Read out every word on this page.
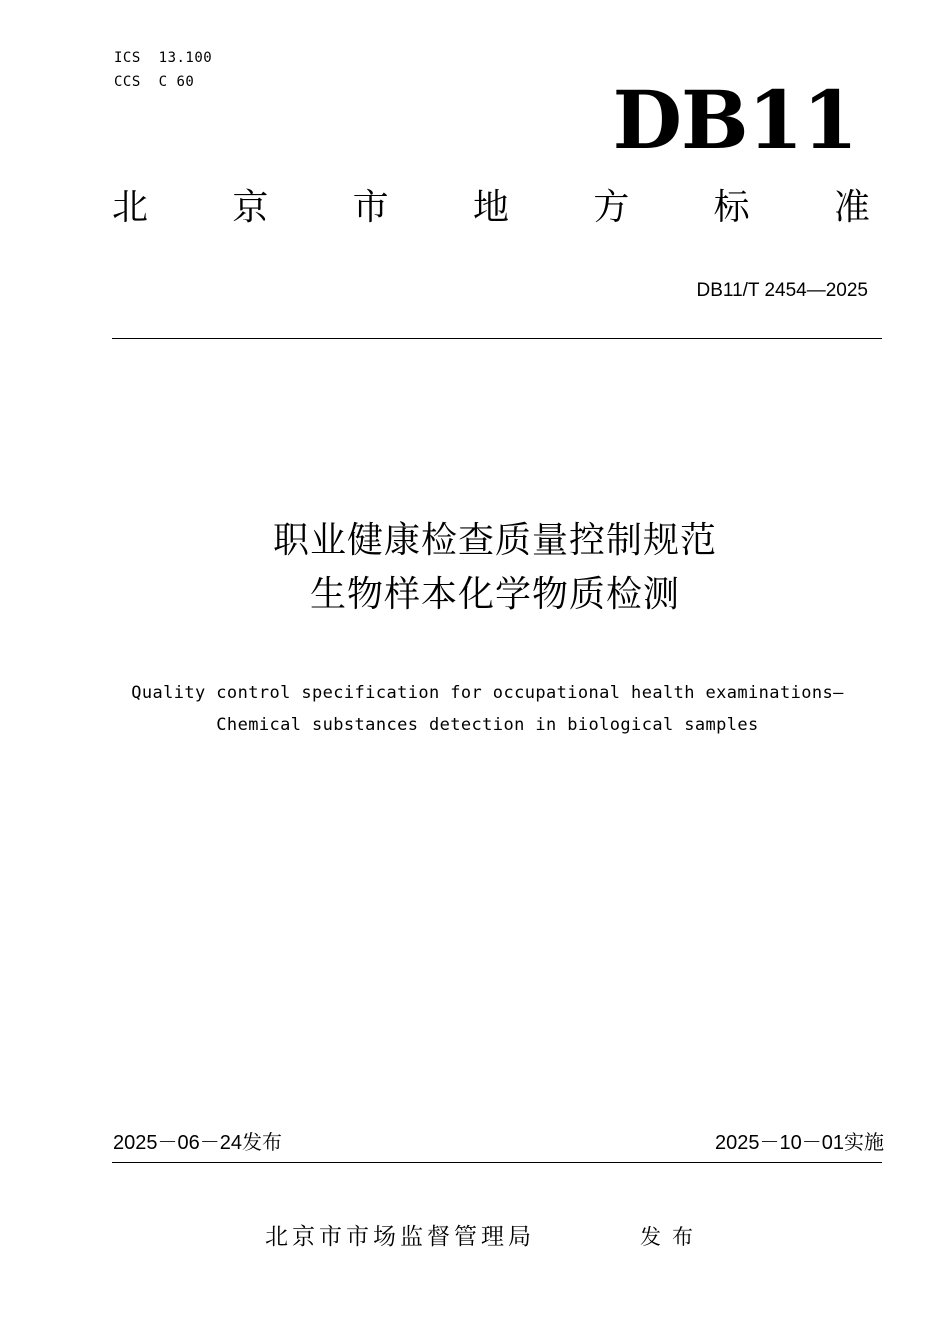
ICS  13.100
CCS  C 60	DB11
北 京 市 地 方 标 准
DB11/T 2454—2025
职业健康检查质量控制规范
生物样本化学物质检测
Quality control specification for occupational health examinations—
Chemical substances detection in biological samples
2025－06－24发布	2025－10－01实施
北京市市场监督管理局	发布
